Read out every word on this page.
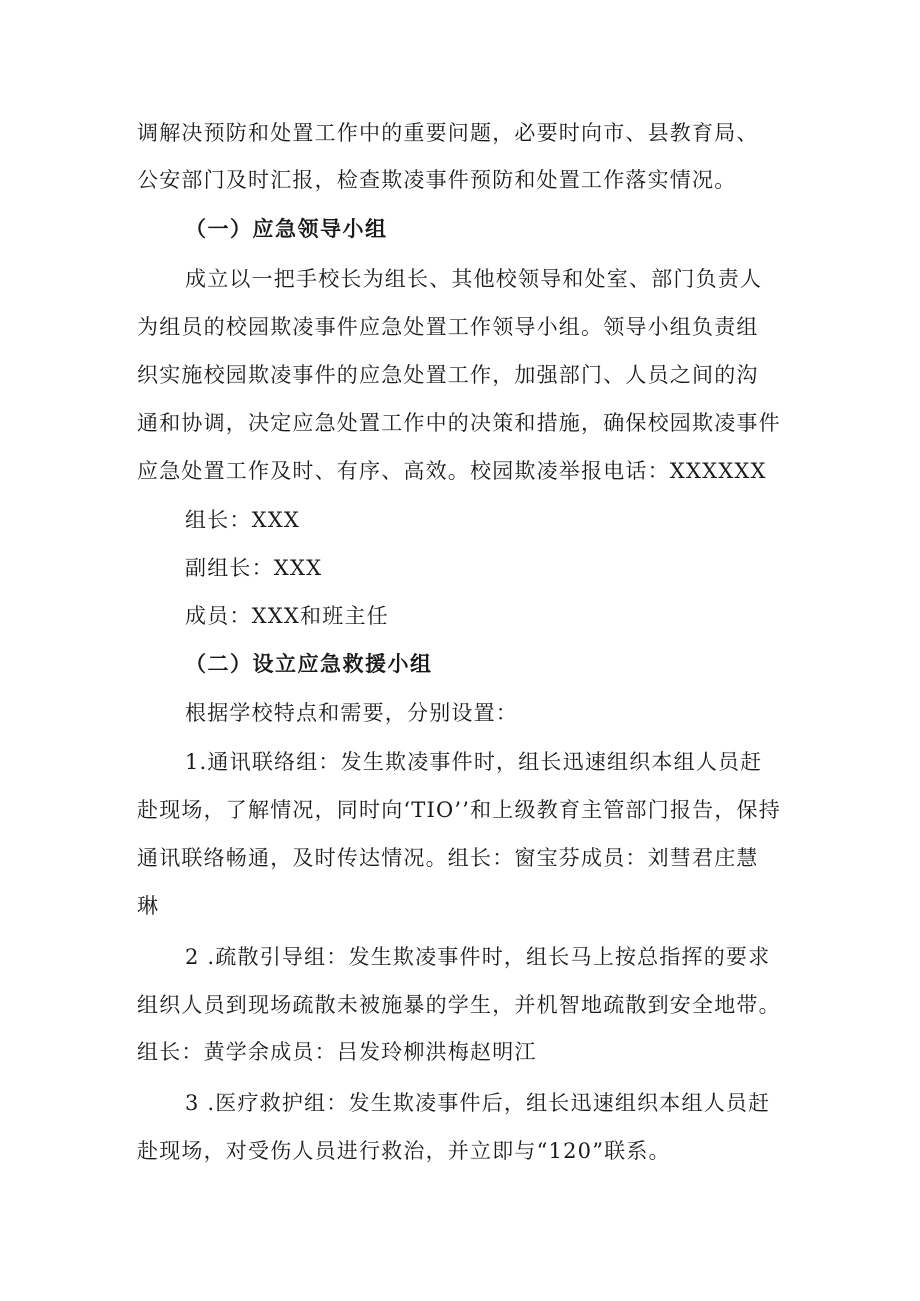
调解决预防和处置工作中的重要问题，必要时向市、县教育局、
公安部门及时汇报，检查欺凌事件预防和处置工作落实情况。
（一）应急领导小组
成立以一把手校长为组长、其他校领导和处室、部门负责人
为组员的校园欺凌事件应急处置工作领导小组。领导小组负责组
织实施校园欺凌事件的应急处置工作，加强部门、人员之间的沟
通和协调，决定应急处置工作中的决策和措施，确保校园欺凌事件
应急处置工作及时、有序、高效。校园欺凌举报电话：XXXXXX
组长：XXX
副组长：XXX
成员：XXX和班主任
（二）设立应急救援小组
根据学校特点和需要，分别设置：
1.通讯联络组：发生欺凌事件时，组长迅速组织本组人员赶
赴现场，了解情况，同时向‘TIO’’和上级教育主管部门报告，保持
通讯联络畅通，及时传达情况。组长：窗宝芬成员：刘彗君庄慧
琳
2 .疏散引导组：发生欺凌事件时，组长马上按总指挥的要求
组织人员到现场疏散未被施暴的学生，并机智地疏散到安全地带。
组长：黄学余成员：吕发玲柳洪梅赵明江
3 .医疗救护组：发生欺凌事件后，组长迅速组织本组人员赶
赴现场，对受伤人员进行救治，并立即与“120”联系。
